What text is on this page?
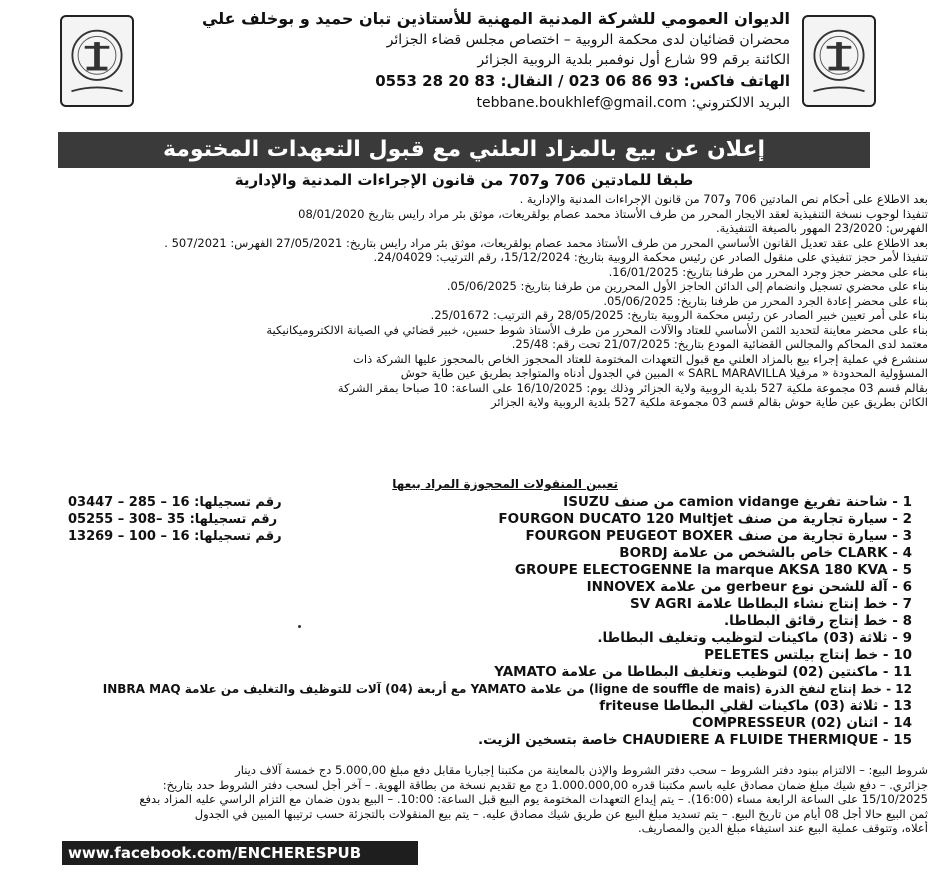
الديوان العمومي للشركة المدنية المهنية للأستاذين تبان حميد و بوخلف علي
محضران قضائيان لدى محكمة الروبية – اختصاص مجلس قضاء الجزائر
الكائنة برقم 99 شارع أول نوفمبر بلدية الروبية الجزائر
الهاتف فاكس: 023 06 86 93 / النقال: 0553 28 20 83
البريد الالكتروني: tebbane.boukhlef@gmail.com
إعلان عن بيع بالمزاد العلني مع قبول التعهدات المختومة
طبقا للمادتين 706 و707 من قانون الإجراءات المدنية والإدارية
بعد الاطلاع على أحكام نص المادتين 706 و707 من قانون الإجراءات المدنية والإدارية .
تنفيذا لوجوب نسخة التنفيذية لعقد الايجار المحرر من طرف الأستاذ محمد عصام بولقريعات، موثق بئر مراد رايس بتاريخ 08/01/2020
الفهرس: 23/2020 المهور بالصيغة التنفيذية.
بعد الاطلاع على عقد تعديل القانون الأساسي المحرر من طرف الأستاذ محمد عصام بولقريعات، موثق بئر مراد رايس بتاريخ: 27/05/2021 الفهرس: 507/2021 .
تنفيذا لأمر حجز تنفيذي على منقول الصادر عن رئيس محكمة الروبية بتاريخ: 15/12/2024، رقم الترتيب: 24/04029.
بناء على محضر حجز وجرد المحرر من طرفنا بتاريخ: 16/01/2025.
بناء على محضري تسجيل وانضمام إلى الدائن الحاجز الأول المحررين من طرفنا بتاريخ: 05/06/2025.
بناء على محضر إعادة الجرد المحرر من طرفنا بتاريخ: 05/06/2025.
بناء على أمر تعيين خبير الصادر عن رئيس محكمة الروبية بتاريخ: 28/05/2025 رقم الترتيب: 25/01672.
بناء على محضر معاينة لتحديد الثمن الأساسي للعتاد والآلات المحرر من طرف الأستاذ شوط حسين، خبير قضائي في الصيانة الالكتروميكانيكية
معتمد لدى المحاكم والمجالس القضائية المودع بتاريخ: 21/07/2025 تحت رقم: 25/48.
سنشرع في عملية إجراء بيع بالمزاد العلني مع قبول التعهدات المختومة للعتاد المحجوز الخاص بالمحجوز عليها الشركة ذات
المسؤولية المحدودة « مرفيلا SARL MARAVILLA » المبين في الجدول أدناه والمتواجد بطريق عين طاية حوش
بقالم قسم 03 مجموعة ملكية 527 بلدية الروبية ولاية الجزائر وذلك يوم: 16/10/2025 على الساعة: 10 صباحا بمقر الشركة
الكائن بطريق عين طاية حوش بقالم قسم 03 مجموعة ملكية 527 بلدية الروبية ولاية الجزائر
تعيين المنقولات المحجوزة المراد بيعها
1 - شاحنة تفريغ camion vidange من صنف ISUZU
رقم تسجيلها: 16 – 285 – 03447
2 - سيارة تجارية من صنف FOURGON DUCATO 120 Multjet
رقم تسجيلها: 35 –308 – 05255
3 - سيارة تجارية من صنف FOURGON PEUGEOT BOXER
رقم تسجيلها: 16 – 100 – 13269
4 - CLARK خاص بالشخص من علامة BORDJ
5 - GROUPE ELECTOGENNE la marque AKSA 180 KVA
6 - آلة للشحن نوع gerbeur من علامة INNOVEX
7 - خط إنتاج نشاء البطاطا علامة SV AGRI
8 - خط إنتاج رقائق البطاطا.
9 - ثلاثة (03) ماكينات لتوظيب وتغليف البطاطا.
10 - خط إنتاج بيلتس PELETES
11 - ماكنتين (02) لتوظيب وتغليف البطاطا من علامة YAMATO
12 - خط إنتاج لنفخ الذرة (ligne de souffle de mais) من علامة YAMATO مع أربعة (04) آلات للتوظيف والتغليف من علامة INBRA MAQ
13 - ثلاثة (03) ماكينات لقلي البطاطا friteuse
14 - اثنان (02) COMPRESSEUR
15 - CHAUDIERE A FLUIDE THERMIQUE خاصة بتسخين الزيت.
شروط البيع: – الالتزام ببنود دفتر الشروط – سحب دفتر الشروط والإذن بالمعاينة من مكتبنا إجباريا مقابل دفع مبلغ 5.000,00 دج خمسة آلاف دينار
جزائري. – دفع شيك مبلغ ضمان مصادق عليه باسم مكتبنا قدره 1.000.000,00 دج مع تقديم نسخة من بطاقة الهوية. – آخر أجل لسحب دفتر الشروط حدد بتاريخ:
15/10/2025 على الساعة الرابعة مساء (16:00). – يتم إيداع التعهدات المختومة يوم البيع قبل الساعة: 10:00. – البيع بدون ضمان مع التزام الراسي عليه المزاد بدفع
ثمن البيع حالا أجل 08 أيام من تاريخ البيع. – يتم تسديد مبلغ البيع عن طريق شيك مصادق عليه. – يتم بيع المنقولات بالتجزئة حسب ترتيبها المبين في الجدول
أعلاه، وتتوقف عملية البيع عند استيفاء مبلغ الدين والمصاريف.
www.facebook.com/ENCHERESPUB
